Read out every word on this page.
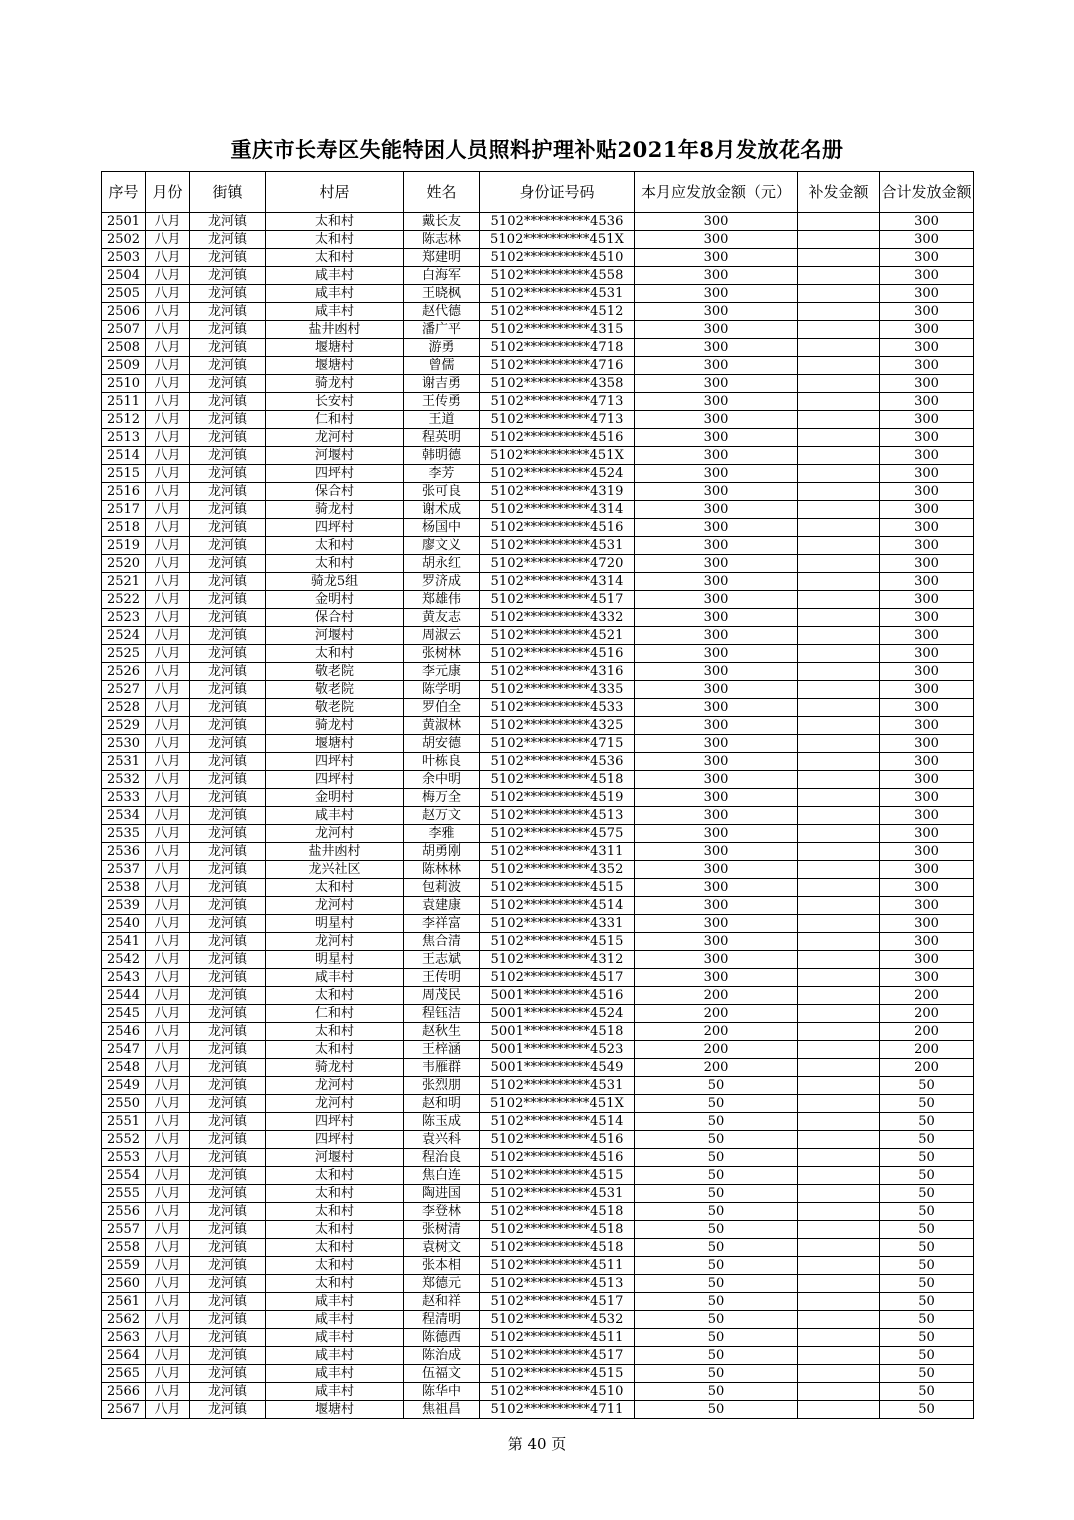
重庆市长寿区失能特困人员照料护理补贴2021年8月发放花名册
序号	月份	街镇	村居	姓名	身份证号码	本月应发放金额（元）	补发金额	合计发放金额
2501	八月	龙河镇	太和村	戴长友	5102**********4536	300		300
2502	八月	龙河镇	太和村	陈志林	5102**********451X	300		300
2503	八月	龙河镇	太和村	郑建明	5102**********4510	300		300
2504	八月	龙河镇	咸丰村	白海军	5102**********4558	300		300
2505	八月	龙河镇	咸丰村	王晓枫	5102**********4531	300		300
2506	八月	龙河镇	咸丰村	赵代德	5102**********4512	300		300
2507	八月	龙河镇	盐井凼村	潘广平	5102**********4315	300		300
2508	八月	龙河镇	堰塘村	游勇	5102**********4718	300		300
2509	八月	龙河镇	堰塘村	曾儒	5102**********4716	300		300
2510	八月	龙河镇	骑龙村	谢吉勇	5102**********4358	300		300
2511	八月	龙河镇	长安村	王传勇	5102**********4713	300		300
2512	八月	龙河镇	仁和村	王道	5102**********4713	300		300
2513	八月	龙河镇	龙河村	程英明	5102**********4516	300		300
2514	八月	龙河镇	河堰村	韩明德	5102**********451X	300		300
2515	八月	龙河镇	四坪村	李芳	5102**********4524	300		300
2516	八月	龙河镇	保合村	张可良	5102**********4319	300		300
2517	八月	龙河镇	骑龙村	谢术成	5102**********4314	300		300
2518	八月	龙河镇	四坪村	杨国中	5102**********4516	300		300
2519	八月	龙河镇	太和村	廖文义	5102**********4531	300		300
2520	八月	龙河镇	太和村	胡永红	5102**********4720	300		300
2521	八月	龙河镇	骑龙5组	罗济成	5102**********4314	300		300
2522	八月	龙河镇	金明村	郑雄伟	5102**********4517	300		300
2523	八月	龙河镇	保合村	黄友志	5102**********4332	300		300
2524	八月	龙河镇	河堰村	周淑云	5102**********4521	300		300
2525	八月	龙河镇	太和村	张树林	5102**********4516	300		300
2526	八月	龙河镇	敬老院	李元康	5102**********4316	300		300
2527	八月	龙河镇	敬老院	陈学明	5102**********4335	300		300
2528	八月	龙河镇	敬老院	罗伯全	5102**********4533	300		300
2529	八月	龙河镇	骑龙村	黄淑林	5102**********4325	300		300
2530	八月	龙河镇	堰塘村	胡安德	5102**********4715	300		300
2531	八月	龙河镇	四坪村	叶栋良	5102**********4536	300		300
2532	八月	龙河镇	四坪村	余中明	5102**********4518	300		300
2533	八月	龙河镇	金明村	梅万全	5102**********4519	300		300
2534	八月	龙河镇	咸丰村	赵万文	5102**********4513	300		300
2535	八月	龙河镇	龙河村	李雅	5102**********4575	300		300
2536	八月	龙河镇	盐井凼村	胡勇刚	5102**********4311	300		300
2537	八月	龙河镇	龙兴社区	陈林林	5102**********4352	300		300
2538	八月	龙河镇	太和村	包莉波	5102**********4515	300		300
2539	八月	龙河镇	龙河村	袁建康	5102**********4514	300		300
2540	八月	龙河镇	明星村	李祥富	5102**********4331	300		300
2541	八月	龙河镇	龙河村	焦合清	5102**********4515	300		300
2542	八月	龙河镇	明星村	王志斌	5102**********4312	300		300
2543	八月	龙河镇	咸丰村	王传明	5102**********4517	300		300
2544	八月	龙河镇	太和村	周茂民	5001**********4516	200		200
2545	八月	龙河镇	仁和村	程钰洁	5001**********4524	200		200
2546	八月	龙河镇	太和村	赵秋生	5001**********4518	200		200
2547	八月	龙河镇	太和村	王梓涵	5001**********4523	200		200
2548	八月	龙河镇	骑龙村	韦雁群	5001**********4549	200		200
2549	八月	龙河镇	龙河村	张烈朋	5102**********4531	50		50
2550	八月	龙河镇	龙河村	赵和明	5102**********451X	50		50
2551	八月	龙河镇	四坪村	陈玉成	5102**********4514	50		50
2552	八月	龙河镇	四坪村	袁兴科	5102**********4516	50		50
2553	八月	龙河镇	河堰村	程治良	5102**********4516	50		50
2554	八月	龙河镇	太和村	焦白连	5102**********4515	50		50
2555	八月	龙河镇	太和村	陶进国	5102**********4531	50		50
2556	八月	龙河镇	太和村	李登林	5102**********4518	50		50
2557	八月	龙河镇	太和村	张树清	5102**********4518	50		50
2558	八月	龙河镇	太和村	袁树文	5102**********4518	50		50
2559	八月	龙河镇	太和村	张本相	5102**********4511	50		50
2560	八月	龙河镇	太和村	郑德元	5102**********4513	50		50
2561	八月	龙河镇	咸丰村	赵和祥	5102**********4517	50		50
2562	八月	龙河镇	咸丰村	程清明	5102**********4532	50		50
2563	八月	龙河镇	咸丰村	陈德西	5102**********4511	50		50
2564	八月	龙河镇	咸丰村	陈治成	5102**********4517	50		50
2565	八月	龙河镇	咸丰村	伍福文	5102**********4515	50		50
2566	八月	龙河镇	咸丰村	陈华中	5102**********4510	50		50
2567	八月	龙河镇	堰塘村	焦祖昌	5102**********4711	50		50
第 40 页
